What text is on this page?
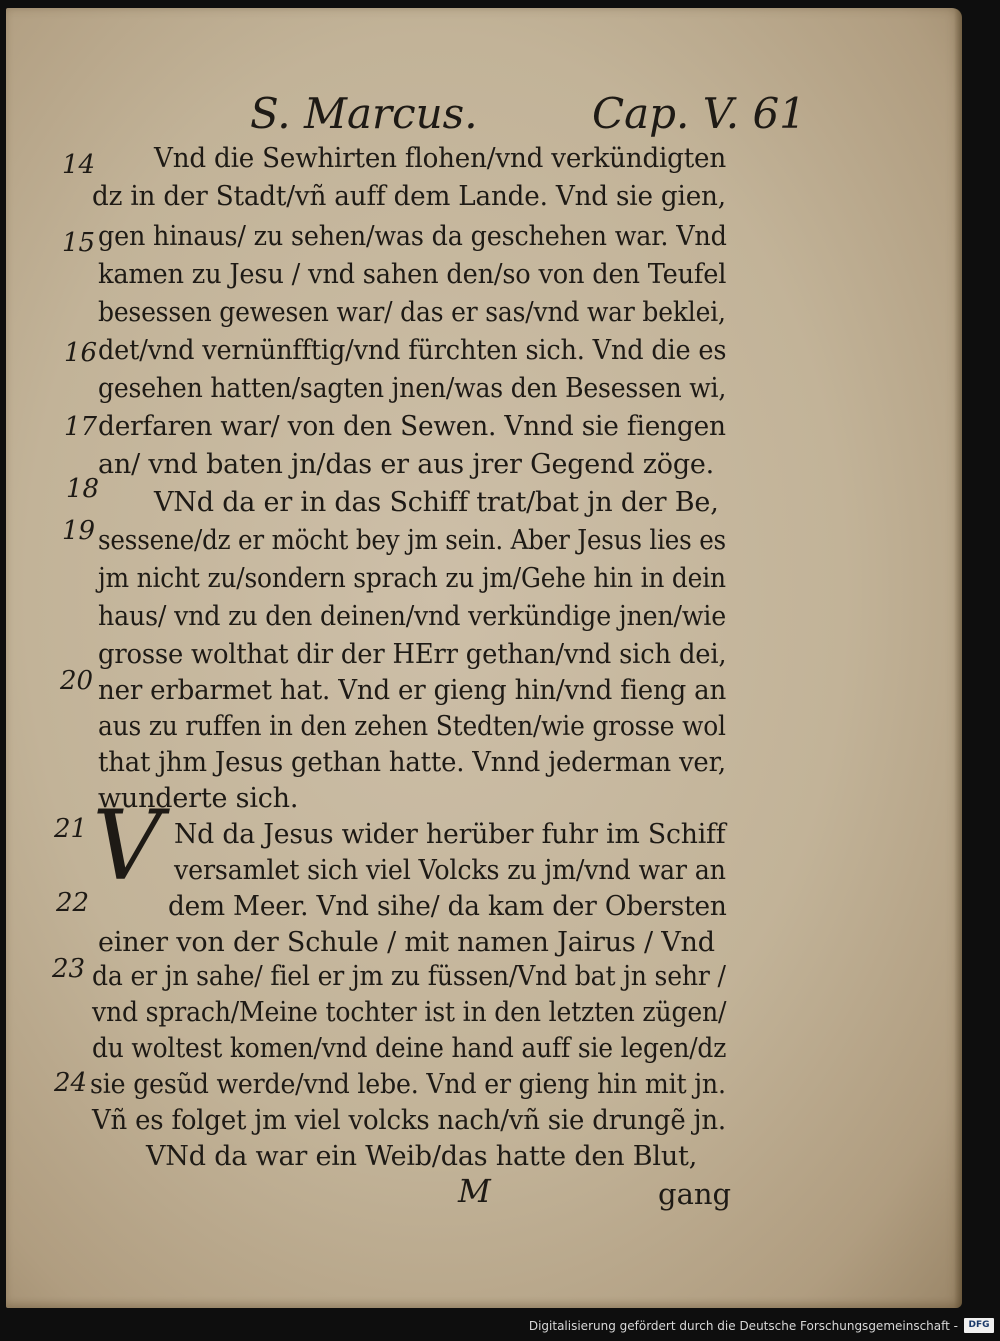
S. Marcus.	Cap. V. 61
14
15
16
17
18
19
20
21
22
23
24
Vnd die Sewhirten flohen/vnd verkündigten
dz in der Stadt/vñ auff dem Lande. Vnd sie gien,
gen hinaus/ zu sehen/was da geschehen war. Vnd
kamen zu Jesu / vnd sahen den/so von den Teufel
besessen gewesen war/ das er sas/vnd war beklei,
det/vnd vernünfftig/vnd fürchten sich. Vnd die es
gesehen hatten/sagten jnen/was den Besessen wi,
derfaren war/ von den Sewen. Vnnd sie fiengen
an/ vnd baten jn/das er aus jrer Gegend zöge.
VNd da er in das Schiff trat/bat jn der Be,
sessene/dz er möcht bey jm sein. Aber Jesus lies es
jm nicht zu/sondern sprach zu jm/Gehe hin in dein
haus/ vnd zu den deinen/vnd verkündige jnen/wie
grosse wolthat dir der HErr gethan/vnd sich dei,
ner erbarmet hat. Vnd er gieng hin/vnd fieng an
aus zu ruffen in den zehen Stedten/wie grosse wol
that jhm Jesus gethan hatte. Vnnd jederman ver,
wunderte sich.
Nd da Jesus wider herüber fuhr im Schiff
versamlet sich viel Volcks zu jm/vnd war an
dem Meer. Vnd sihe/ da kam der Obersten
einer von der Schule / mit namen Jairus / Vnd
da er jn sahe/ fiel er jm zu füssen/Vnd bat jn sehr /
vnd sprach/Meine tochter ist in den letzten zügen/
du woltest komen/vnd deine hand auff sie legen/dz
sie gesũd werde/vnd lebe. Vnd er gieng hin mit jn.
Vñ es folget jm viel volcks nach/vñ sie drungẽ jn.
VNd da war ein Weib/das hatte den Blut,
V
M	gang
Digitalisierung gefördert durch die Deutsche Forschungsgemeinschaft -	DFG
